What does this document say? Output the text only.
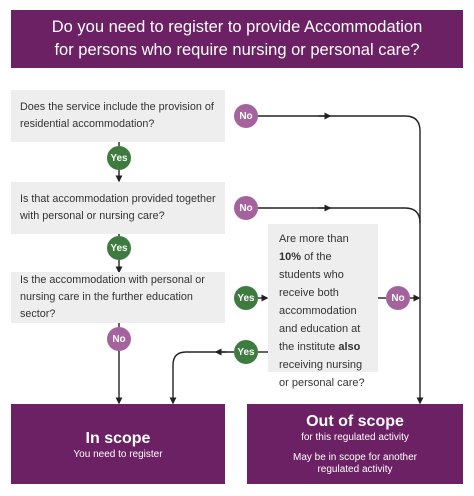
Do you need to register to provide Accommodation
for persons who require nursing or personal care?
Does the service include the provision of residential accommodation?
Is that accommodation provided together with personal or nursing care?
Is the accommodation with personal or nursing care in the further education sector?
Are more than 10% of the students who receive both accommodation and education at the institute also receiving nursing or personal care?
No
Yes
No
Yes
Yes
No
No
Yes
In scope
You need to register
Out of scope
for this regulated activity
May be in scope for another
regulated activity
